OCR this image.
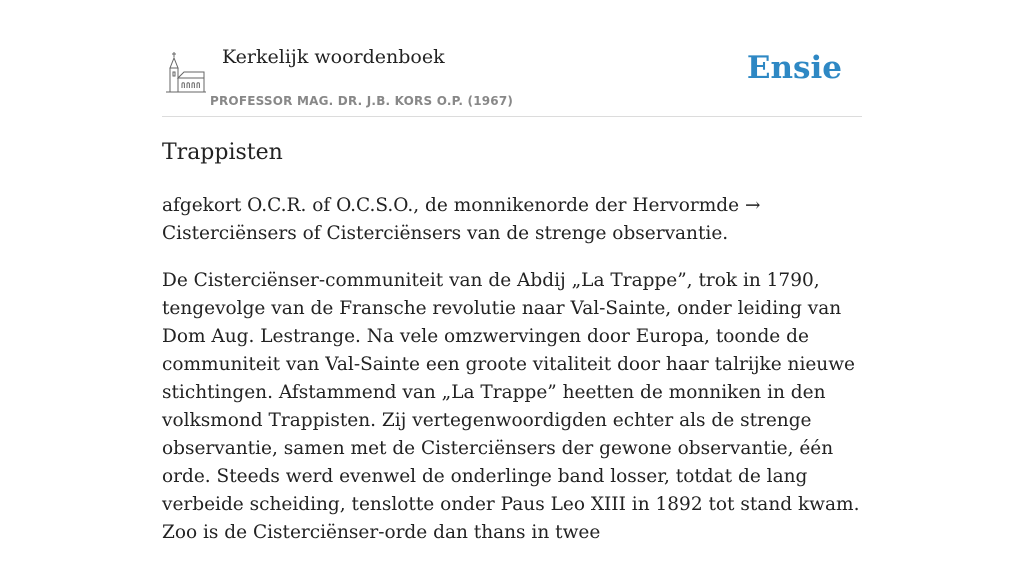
Kerkelijk woordenboek
PROFESSOR MAG. DR. J.B. KORS O.P. (1967)
Ensie
Trappisten

afgekort O.C.R. of O.C.S.O., de monnikenorde der Hervormde → Cisterciënsers of Cisterciënsers van de strenge observantie.

De Cisterciënser-communiteit van de Abdij „La Trappe”, trok in 1790, tengevolge van de Fransche revolutie naar Val-Sainte, onder leiding van Dom Aug. Lestrange. Na vele omzwervingen door Europa, toonde de communiteit van Val-Sainte een groote vitaliteit door haar talrijke nieuwe stichtingen. Afstammend van „La Trappe” heetten de monniken in den volksmond Trappisten. Zij vertegenwoordigden echter als de strenge observantie, samen met de Cisterciënsers der gewone observantie, één orde. Steeds werd evenwel de onderlinge band losser, totdat de lang verbeide scheiding, tenslotte onder Paus Leo XIII in 1892 tot stand kwam. Zoo is de Cisterciënser-orde dan thans in twee
